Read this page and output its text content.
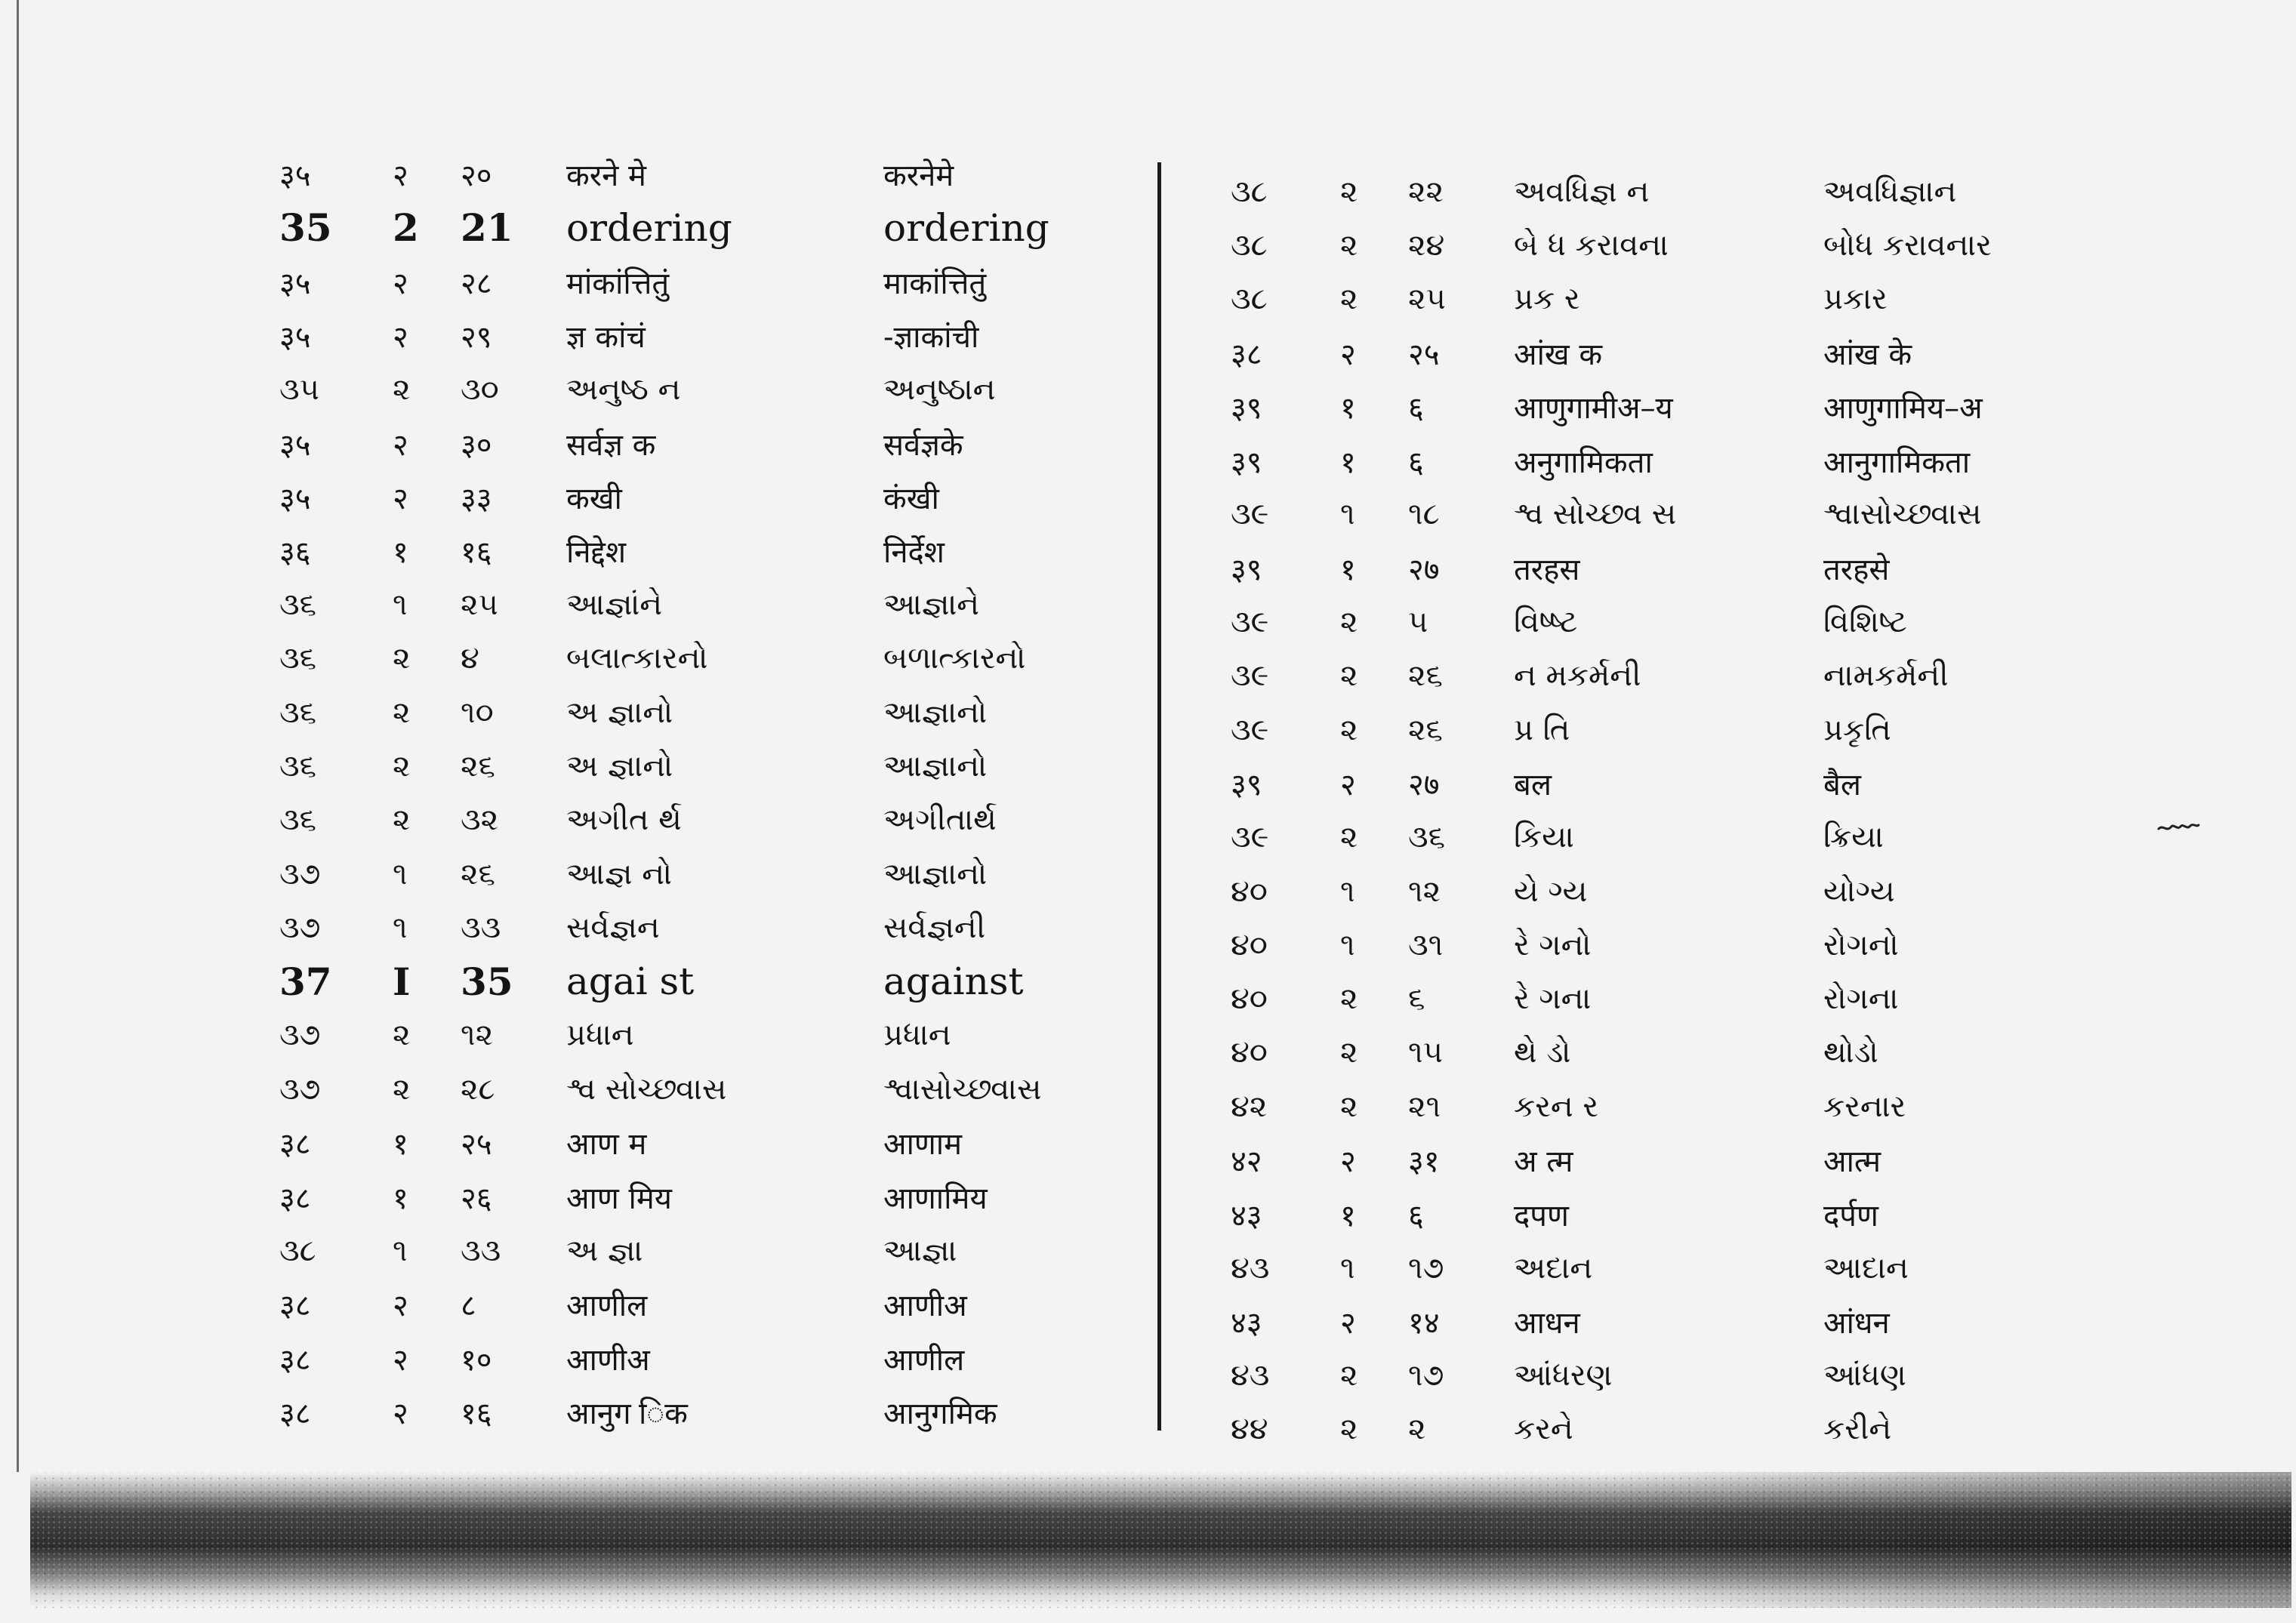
३५	२	२०	करने मे	करनेमे
35	2	21	ordering	ordering
३५	२	२८	मांकांत्तितुं	माकांत्तितुं
३५	२	२९	ज्ञ कांचं	-ज्ञाकांची
૩૫	૨	૩૦	અનુષ્ઠ ન	અનુષ્ઠાન
३५	२	३०	सर्वज्ञ क	सर्वज्ञके
३५	२	३३	कखी	कंखी
३६	१	१६	निद्देश	निर्देश
૩૬	૧	૨૫	આજ્ઞાંને	આજ્ઞાને
૩૬	૨	૪	બલાત્કારનો	બળાત્કારનો
૩૬	૨	૧૦	અ જ્ઞાનો	આજ્ઞાનો
૩૬	૨	૨૬	અ જ્ઞાનો	આજ્ઞાનો
૩૬	૨	૩૨	અગીત ર્થ	અગીતાર્થ
૩૭	૧	૨૬	આજ્ઞ નો	આજ્ઞાનો
૩૭	૧	૩૩	સર્વજ્ઞન	સર્વજ્ઞની
37	I	35	agai st	against
૩૭	૨	૧૨	પ્રધાન	પ્રધાન
૩૭	૨	૨૮	શ્વ સોચ્છ્વાસ	શ્વાસોચ્છ્વાસ
३८	१	२५	आण म	आणाम
३८	१	२६	आण मिय	आणामिय
૩૮	૧	૩૩	અ જ્ઞા	આજ્ઞા
३८	२	८	आणील	आणीअ
३८	२	१०	आणीअ	आणील
३८	२	१६	आनुग िक	आनुगमिक
૩૮	૨	૨૨	અવધિજ્ઞ ન	અવધિજ્ઞાન
૩૮	૨	૨૪	બે ધ કરાવના	બોધ કરાવનાર
૩૮	૨	૨૫	પ્રક ર	પ્રકાર
३८	२	२५	आंख क	आंख के
३९	१	६	आणुगामीअ–य	आणुगामिय–अ
३९	१	६	अनुगामिकता	आनुगामिकता
૩૯	૧	૧૮	શ્વ સોચ્છ્વ સ	શ્વાસોચ્છ્વાસ
३९	१	२७	तरहस	तरहसे
૩૯	૨	૫	વિષ્ષ્ટ	વિશિષ્ટ
૩૯	૨	૨૬	ન મકર્મની	નામકર્મની
૩૯	૨	૨૬	પ્ર તિ	પ્રકૃતિ
३९	२	२७	बल	बैल
૩૯	૨	૩૬	કિયા	ક્રિયા
૪૦	૧	૧૨	યે ગ્ય	યોગ્ય
૪૦	૧	૩૧	રે ગનો	રોગનો
૪૦	૨	૬	રે ગના	રોગના
૪૦	૨	૧૫	થે ડો	થોડો
૪૨	૨	૨૧	કરન ર	કરનાર
४२	२	३१	अ त्म	आत्म
४३	१	६	दपण	दर्पण
૪૩	૧	૧૭	અદાન	આદાન
४३	२	१४	आधन	आंधन
૪૩	૨	૧૭	આંધરણ	આંધણ
૪૪	૨	૨	કરને	કરીને
